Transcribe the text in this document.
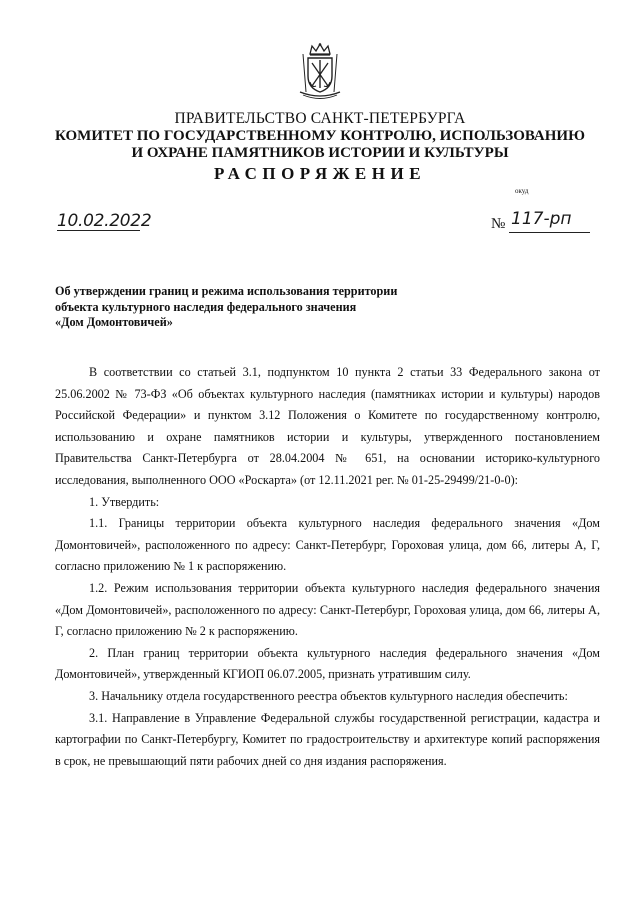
ПРАВИТЕЛЬСТВО САНКТ-ПЕТЕРБУРГА
КОМИТЕТ ПО ГОСУДАРСТВЕННОМУ КОНТРОЛЮ, ИСПОЛЬЗОВАНИЮ
И ОХРАНЕ ПАМЯТНИКОВ ИСТОРИИ И КУЛЬТУРЫ
РАСПОРЯЖЕНИЕ
окуд
10.02.2022	№ 117-рп
Об утверждении границ и режима использования территории
объекта культурного наследия федерального значения
«Дом Домонтовичей»

В соответствии со статьей 3.1, подпунктом 10 пункта 2 статьи 33 Федерального закона от 25.06.2002 № 73-ФЗ «Об объектах культурного наследия (памятниках истории и культуры) народов Российской Федерации» и пунктом 3.12 Положения о Комитете по государственному контролю, использованию и охране памятников истории и культуры, утвержденного постановлением Правительства Санкт-Петербурга от 28.04.2004 № 651, на основании историко-культурного исследования, выполненного ООО «Роскарта» (от 12.11.2021 рег. № 01-25-29499/21-0-0):

1. Утвердить:

1.1. Границы территории объекта культурного наследия федерального значения «Дом Домонтовичей», расположенного по адресу: Санкт-Петербург, Гороховая улица, дом 66, литеры А, Г, согласно приложению № 1 к распоряжению.

1.2. Режим использования территории объекта культурного наследия федерального значения «Дом Домонтовичей», расположенного по адресу: Санкт-Петербург, Гороховая улица, дом 66, литеры А, Г, согласно приложению № 2 к распоряжению.

2. План границ территории объекта культурного наследия федерального значения «Дом Домонтовичей», утвержденный КГИОП 06.07.2005, признать утратившим силу.

3. Начальнику отдела государственного реестра объектов культурного наследия обеспечить:

3.1. Направление в Управление Федеральной службы государственной регистрации, кадастра и картографии по Санкт-Петербургу, Комитет по градостроительству и архитектуре копий распоряжения в срок, не превышающий пяти рабочих дней со дня издания распоряжения.
